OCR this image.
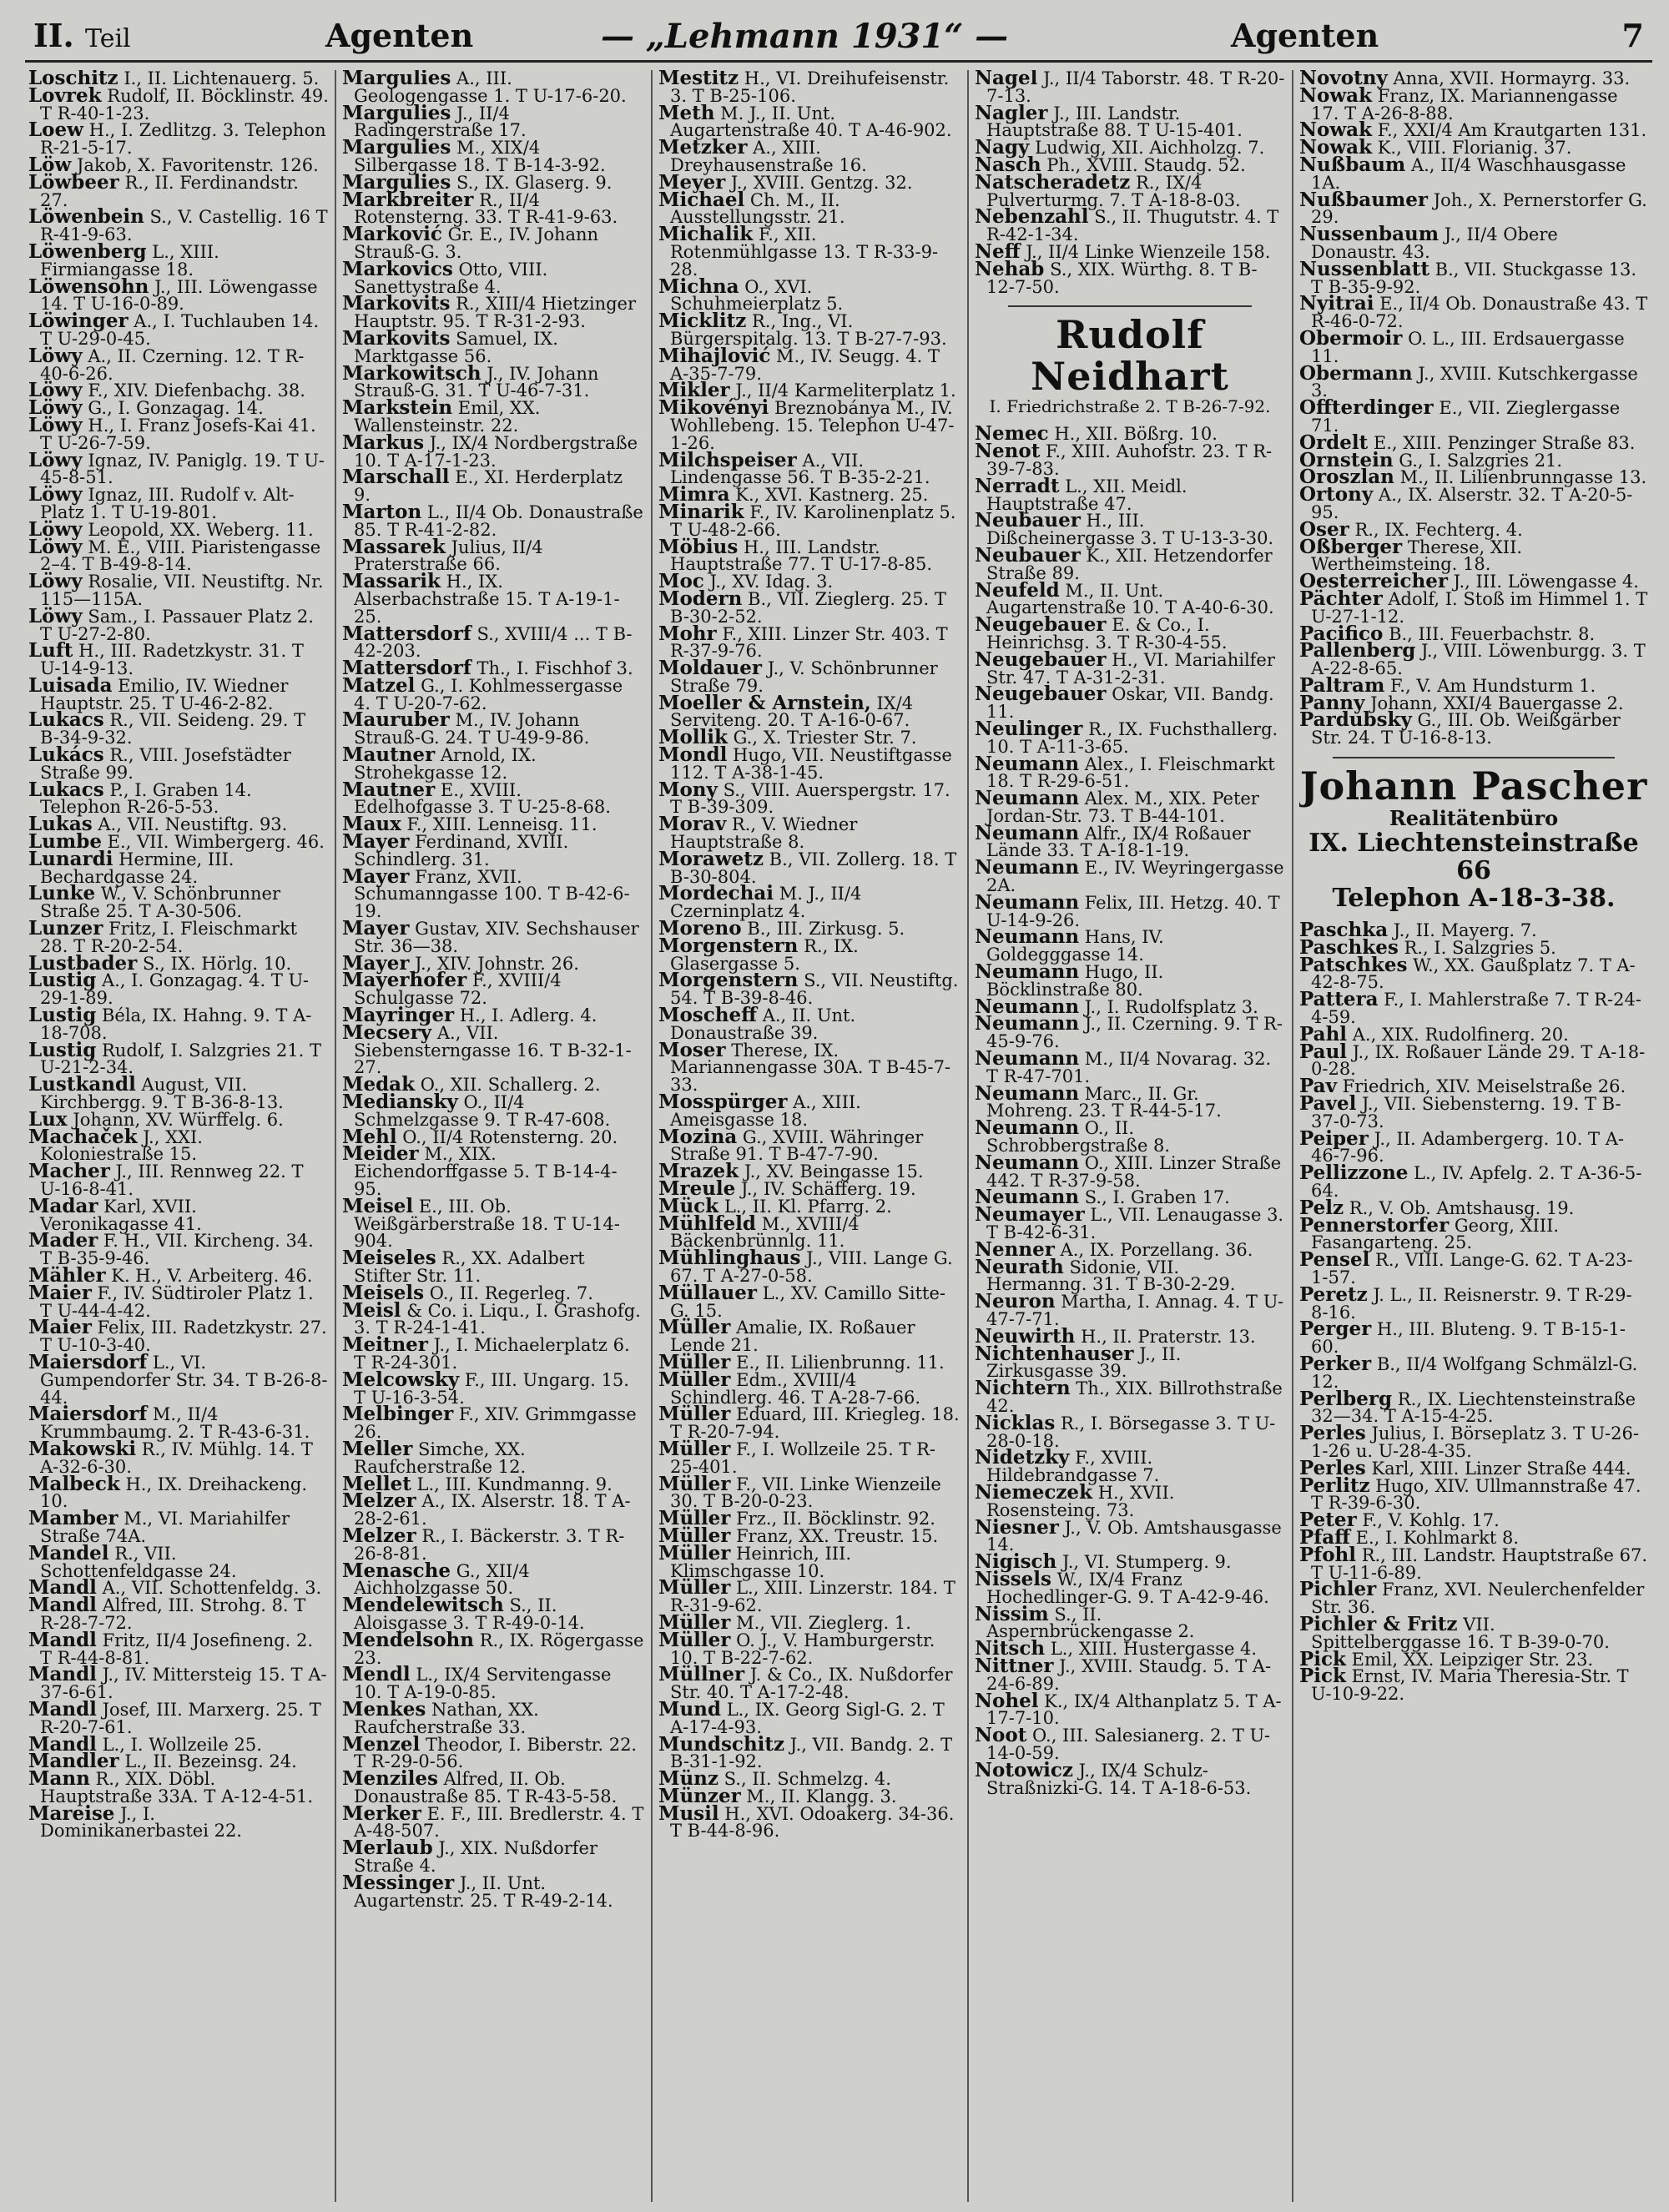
II. Teil	Agenten	— „Lehmann 1931“ —	Agenten	7
Loschitz I., II. Lichtenauerg. 5.
Lovrek Rudolf, II. Böcklinstr. 49. T R-40-1-23.
Loew H., I. Zedlitzg. 3. Telephon R-21-5-17.
Löw Jakob, X. Favoritenstr. 126.
Löwbeer R., II. Ferdinandstr. 27.
Löwenbein S., V. Castellig. 16 T R-41-9-63.
Löwenberg L., XIII. Firmiangasse 18.
Löwensohn J., III. Löwengasse 14. T U-16-0-89.
Löwinger A., I. Tuchlauben 14. T U-29-0-45.
Löwy A., II. Czerning. 12. T R-40-6-26.
Löwy F., XIV. Diefenbachg. 38.
Löwy G., I. Gonzagag. 14.
Löwy H., I. Franz Josefs-Kai 41. T U-26-7-59.
Löwy Ignaz, IV. Paniglg. 19. T U-45-8-51.
Löwy Ignaz, III. Rudolf v. Alt-Platz 1. T U-19-801.
Löwy Leopold, XX. Weberg. 11.
Löwy M. E., VIII. Piaristengasse 2–4. T B-49-8-14.
Löwy Rosalie, VII. Neustiftg. Nr. 115—115A.
Löwy Sam., I. Passauer Platz 2. T U-27-2-80.
Luft H., III. Radetzkystr. 31. T U-14-9-13.
Luisada Emilio, IV. Wiedner Hauptstr. 25. T U-46-2-82.
Lukacs R., VII. Seideng. 29. T B-34-9-32.
Lukács R., VIII. Josefstädter Straße 99.
Lukacs P., I. Graben 14. Telephon R-26-5-53.
Lukas A., VII. Neustiftg. 93.
Lumbe E., VII. Wimbergerg. 46.
Lunardi Hermine, III. Bechardgasse 24.
Lunke W., V. Schönbrunner Straße 25. T A-30-506.
Lunzer Fritz, I. Fleischmarkt 28. T R-20-2-54.
Lustbader S., IX. Hörlg. 10.
Lustig A., I. Gonzagag. 4. T U-29-1-89.
Lustig Béla, IX. Hahng. 9. T A-18-708.
Lustig Rudolf, I. Salzgries 21. T U-21-2-34.
Lustkandl August, VII. Kirchbergg. 9. T B-36-8-13.
Lux Johann, XV. Würffelg. 6.
Machaček J., XXI. Koloniestraße 15.
Macher J., III. Rennweg 22. T U-16-8-41.
Madar Karl, XVII. Veronikagasse 41.
Mader F. H., VII. Kircheng. 34. T B-35-9-46.
Mähler K. H., V. Arbeiterg. 46.
Maier F., IV. Südtiroler Platz 1. T U-44-4-42.
Maier Felix, III. Radetzkystr. 27. T U-10-3-40.
Maiersdorf L., VI. Gumpendorfer Str. 34. T B-26-8-44.
Maiersdorf M., II/4 Krummbaumg. 2. T R-43-6-31.
Makowski R., IV. Mühlg. 14. T A-32-6-30.
Malbeck H., IX. Dreihackeng. 10.
Mamber M., VI. Mariahilfer Straße 74A.
Mandel R., VII. Schottenfeldgasse 24.
Mandl A., VII. Schottenfeldg. 3.
Mandl Alfred, III. Strohg. 8. T R-28-7-72.
Mandl Fritz, II/4 Josefineng. 2. T R-44-8-81.
Mandl J., IV. Mittersteig 15. T A-37-6-61.
Mandl Josef, III. Marxerg. 25. T R-20-7-61.
Mandl L., I. Wollzeile 25.
Mandler L., II. Bezeinsg. 24.
Mann R., XIX. Döbl. Hauptstraße 33A. T A-12-4-51.
Mareise J., I. Dominikanerbastei 22.
Margulies A., III. Geologengasse 1. T U-17-6-20.
Margulies J., II/4 Radingerstraße 17.
Margulies M., XIX/4 Silbergasse 18. T B-14-3-92.
Margulies S., IX. Glaserg. 9.
Markbreiter R., II/4 Rotensterng. 33. T R-41-9-63.
Marković Gr. E., IV. Johann Strauß-G. 3.
Markovics Otto, VIII. Sanettystraße 4.
Markovits R., XIII/4 Hietzinger Hauptstr. 95. T R-31-2-93.
Markovits Samuel, IX. Marktgasse 56.
Markowitsch J., IV. Johann Strauß-G. 31. T U-46-7-31.
Markstein Emil, XX. Wallensteinstr. 22.
Markus J., IX/4 Nordbergstraße 10. T A-17-1-23.
Marschall E., XI. Herderplatz 9.
Marton L., II/4 Ob. Donaustraße 85. T R-41-2-82.
Massarek Julius, II/4 Praterstraße 66.
Massarik H., IX. Alserbachstraße 15. T A-19-1-25.
Mattersdorf S., XVIII/4 ... T B-42-203.
Mattersdorf Th., I. Fischhof 3.
Matzel G., I. Kohlmessergasse 4. T U-20-7-62.
Mauruber M., IV. Johann Strauß-G. 24. T U-49-9-86.
Mautner Arnold, IX. Strohekgasse 12.
Mautner E., XVIII. Edelhofgasse 3. T U-25-8-68.
Maux F., XIII. Lenneisg. 11.
Mayer Ferdinand, XVIII. Schindlerg. 31.
Mayer Franz, XVII. Schumanngasse 100. T B-42-6-19.
Mayer Gustav, XIV. Sechshauser Str. 36—38.
Mayer J., XIV. Johnstr. 26.
Mayerhofer F., XVIII/4 Schulgasse 72.
Mayringer H., I. Adlerg. 4.
Mecsery A., VII. Siebensterngasse 16. T B-32-1-27.
Medak O., XII. Schallerg. 2.
Mediansky O., II/4 Schmelzgasse 9. T R-47-608.
Mehl O., II/4 Rotensterng. 20.
Meider M., XIX. Eichendorffgasse 5. T B-14-4-95.
Meisel E., III. Ob. Weißgärberstraße 18. T U-14-904.
Meiseles R., XX. Adalbert Stifter Str. 11.
Meisels O., II. Regerleg. 7.
Meisl & Co. i. Liqu., I. Grashofg. 3. T R-24-1-41.
Meitner J., I. Michaelerplatz 6. T R-24-301.
Melcowsky F., III. Ungarg. 15. T U-16-3-54.
Melbinger F., XIV. Grimmgasse 26.
Meller Simche, XX. Raufcherstraße 12.
Mellet L., III. Kundmanng. 9.
Melzer A., IX. Alserstr. 18. T A-28-2-61.
Melzer R., I. Bäckerstr. 3. T R-26-8-81.
Menasche G., XII/4 Aichholzgasse 50.
Mendelewitsch S., II. Aloisgasse 3. T R-49-0-14.
Mendelsohn R., IX. Rögergasse 23.
Mendl L., IX/4 Servitengasse 10. T A-19-0-85.
Menkes Nathan, XX. Raufcherstraße 33.
Menzel Theodor, I. Biberstr. 22. T R-29-0-56.
Menziles Alfred, II. Ob. Donaustraße 85. T R-43-5-58.
Merker E. F., III. Bredlerstr. 4. T A-48-507.
Merlaub J., XIX. Nußdorfer Straße 4.
Messinger J., II. Unt. Augartenstr. 25. T R-49-2-14.
Mestitz H., VI. Dreihufeisenstr. 3. T B-25-106.
Meth M. J., II. Unt. Augartenstraße 40. T A-46-902.
Metzker A., XIII. Dreyhausenstraße 16.
Meyer J., XVIII. Gentzg. 32.
Michael Ch. M., II. Ausstellungsstr. 21.
Michalik F., XII. Rotenmühlgasse 13. T R-33-9-28.
Michna O., XVI. Schuhmeierplatz 5.
Micklitz R., Ing., VI. Bürgerspitalg. 13. T B-27-7-93.
Mihajlović M., IV. Seugg. 4. T A-35-7-79.
Mikler J., II/4 Karmeliterplatz 1.
Mikovényi Breznobánya M., IV. Wohllebeng. 15. Telephon U-47-1-26.
Milchspeiser A., VII. Lindengasse 56. T B-35-2-21.
Mimra K., XVI. Kastnerg. 25.
Minarik F., IV. Karolinenplatz 5. T U-48-2-66.
Möbius H., III. Landstr. Hauptstraße 77. T U-17-8-85.
Moc J., XV. Idag. 3.
Modern B., VII. Zieglerg. 25. T B-30-2-52.
Mohr F., XIII. Linzer Str. 403. T R-37-9-76.
Moldauer J., V. Schönbrunner Straße 79.
Moeller & Arnstein, IX/4 Serviteng. 20. T A-16-0-67.
Mollik G., X. Triester Str. 7.
Mondl Hugo, VII. Neustiftgasse 112. T A-38-1-45.
Mony S., VIII. Auerspergstr. 17. T B-39-309.
Morav R., V. Wiedner Hauptstraße 8.
Morawetz B., VII. Zollerg. 18. T B-30-804.
Mordechai M. J., II/4 Czerninplatz 4.
Moreno B., III. Zirkusg. 5.
Morgenstern R., IX. Glasergasse 5.
Morgenstern S., VII. Neustiftg. 54. T B-39-8-46.
Moscheff A., II. Unt. Donaustraße 39.
Moser Therese, IX. Mariannengasse 30A. T B-45-7-33.
Mosspürger A., XIII. Ameisgasse 18.
Mozina G., XVIII. Währinger Straße 91. T B-47-7-90.
Mrazek J., XV. Beingasse 15.
Mreule J., IV. Schäfferg. 19.
Mück L., II. Kl. Pfarrg. 2.
Mühlfeld M., XVIII/4 Bäckenbrünnlg. 11.
Mühlinghaus J., VIII. Lange G. 67. T A-27-0-58.
Müllauer L., XV. Camillo Sitte-G. 15.
Müller Amalie, IX. Roßauer Lende 21.
Müller E., II. Lilienbrunng. 11.
Müller Edm., XVIII/4 Schindlerg. 46. T A-28-7-66.
Müller Eduard, III. Kriegleg. 18. T R-20-7-94.
Müller F., I. Wollzeile 25. T R-25-401.
Müller F., VII. Linke Wienzeile 30. T B-20-0-23.
Müller Frz., II. Böcklinstr. 92.
Müller Franz, XX. Treustr. 15.
Müller Heinrich, III. Klimschgasse 10.
Müller L., XIII. Linzerstr. 184. T R-31-9-62.
Müller M., VII. Zieglerg. 1.
Müller O. J., V. Hamburgerstr. 10. T B-22-7-62.
Müllner J. & Co., IX. Nußdorfer Str. 40. T A-17-2-48.
Mund L., IX. Georg Sigl-G. 2. T A-17-4-93.
Mundschitz J., VII. Bandg. 2. T B-31-1-92.
Münz S., II. Schmelzg. 4.
Münzer M., II. Klangg. 3.
Musil H., XVI. Odoakerg. 34-36. T B-44-8-96.
Nagel J., II/4 Taborstr. 48. T R-20-7-13.
Nagler J., III. Landstr. Hauptstraße 88. T U-15-401.
Nagy Ludwig, XII. Aichholzg. 7.
Nasch Ph., XVIII. Staudg. 52.
Natscheradetz R., IX/4 Pulverturmg. 7. T A-18-8-03.
Nebenzahl S., II. Thugutstr. 4. T R-42-1-34.
Neff J., II/4 Linke Wienzeile 158.
Nehab S., XIX. Würthg. 8. T B-12-7-50.
Rudolf Neidhart
I. Friedrichstraße 2. T B-26-7-92.
Nemec H., XII. Bößrg. 10.
Nenot F., XIII. Auhofstr. 23. T R-39-7-83.
Nerradt L., XII. Meidl. Hauptstraße 47.
Neubauer H., III. Dißcheinergasse 3. T U-13-3-30.
Neubauer K., XII. Hetzendorfer Straße 89.
Neufeld M., II. Unt. Augartenstraße 10. T A-40-6-30.
Neugebauer E. & Co., I. Heinrichsg. 3. T R-30-4-55.
Neugebauer H., VI. Mariahilfer Str. 47. T A-31-2-31.
Neugebauer Oskar, VII. Bandg. 11.
Neulinger R., IX. Fuchsthallerg. 10. T A-11-3-65.
Neumann Alex., I. Fleischmarkt 18. T R-29-6-51.
Neumann Alex. M., XIX. Peter Jordan-Str. 73. T B-44-101.
Neumann Alfr., IX/4 Roßauer Lände 33. T A-18-1-19.
Neumann E., IV. Weyringergasse 2A.
Neumann Felix, III. Hetzg. 40. T U-14-9-26.
Neumann Hans, IV. Goldegggasse 14.
Neumann Hugo, II. Böcklinstraße 80.
Neumann J., I. Rudolfsplatz 3.
Neumann J., II. Czerning. 9. T R-45-9-76.
Neumann M., II/4 Novarag. 32. T R-47-701.
Neumann Marc., II. Gr. Mohreng. 23. T R-44-5-17.
Neumann O., II. Schrobbergstraße 8.
Neumann O., XIII. Linzer Straße 442. T R-37-9-58.
Neumann S., I. Graben 17.
Neumayer L., VII. Lenaugasse 3. T B-42-6-31.
Nenner A., IX. Porzellang. 36.
Neurath Sidonie, VII. Hermanng. 31. T B-30-2-29.
Neuron Martha, I. Annag. 4. T U-47-7-71.
Neuwirth H., II. Praterstr. 13.
Nichtenhauser J., II. Zirkusgasse 39.
Nichtern Th., XIX. Billrothstraße 42.
Nicklas R., I. Börsegasse 3. T U-28-0-18.
Nidetzky F., XVIII. Hildebrandgasse 7.
Niemeczek H., XVII. Rosensteing. 73.
Niesner J., V. Ob. Amtshausgasse 14.
Nigisch J., VI. Stumperg. 9.
Nissels W., IX/4 Franz Hochedlinger-G. 9. T A-42-9-46.
Nissim S., II. Aspernbrückengasse 2.
Nitsch L., XIII. Hustergasse 4.
Nittner J., XVIII. Staudg. 5. T A-24-6-89.
Nohel K., IX/4 Althanplatz 5. T A-17-7-10.
Noot O., III. Salesianerg. 2. T U-14-0-59.
Notowicz J., IX/4 Schulz-Straßnizki-G. 14. T A-18-6-53.
Novotny Anna, XVII. Hormayrg. 33.
Nowak Franz, IX. Mariannengasse 17. T A-26-8-88.
Nowak F., XXI/4 Am Krautgarten 131.
Nowak K., VIII. Florianig. 37.
Nußbaum A., II/4 Waschhausgasse 1A.
Nußbaumer Joh., X. Pernerstorfer G. 29.
Nussenbaum J., II/4 Obere Donaustr. 43.
Nussenblatt B., VII. Stuckgasse 13. T B-35-9-92.
Nyitrai E., II/4 Ob. Donaustraße 43. T R-46-0-72.
Obermoir O. L., III. Erdsauergasse 11.
Obermann J., XVIII. Kutschkergasse 3.
Offterdinger E., VII. Zieglergasse 71.
Ordelt E., XIII. Penzinger Straße 83.
Ornstein G., I. Salzgries 21.
Oroszlan M., II. Lilienbrunngasse 13.
Ortony A., IX. Alserstr. 32. T A-20-5-95.
Oser R., IX. Fechterg. 4.
Oßberger Therese, XII. Wertheimsteing. 18.
Oesterreicher J., III. Löwengasse 4.
Pächter Adolf, I. Stoß im Himmel 1. T U-27-1-12.
Pacifico B., III. Feuerbachstr. 8.
Pallenberg J., VIII. Löwenburgg. 3. T A-22-8-65.
Paltram F., V. Am Hundsturm 1.
Panny Johann, XXI/4 Bauergasse 2.
Pardubsky G., III. Ob. Weißgärber Str. 24. T U-16-8-13.
Johann Pascher
Realitätenbüro
IX. Liechtensteinstraße 66
Telephon A-18-3-38.
Paschka J., II. Mayerg. 7.
Paschkes R., I. Salzgries 5.
Patschkes W., XX. Gaußplatz 7. T A-42-8-75.
Pattera F., I. Mahlerstraße 7. T R-24-4-59.
Pahl A., XIX. Rudolfinerg. 20.
Paul J., IX. Roßauer Lände 29. T A-18-0-28.
Pav Friedrich, XIV. Meiselstraße 26.
Pavel J., VII. Siebensterng. 19. T B-37-0-73.
Peiper J., II. Adambergerg. 10. T A-46-7-96.
Pellizzone L., IV. Apfelg. 2. T A-36-5-64.
Pelz R., V. Ob. Amtshausg. 19.
Pennerstorfer Georg, XIII. Fasangarteng. 25.
Pensel R., VIII. Lange-G. 62. T A-23-1-57.
Peretz J. L., II. Reisnerstr. 9. T R-29-8-16.
Perger H., III. Bluteng. 9. T B-15-1-60.
Perker B., II/4 Wolfgang Schmälzl-G. 12.
Perlberg R., IX. Liechtensteinstraße 32—34. T A-15-4-25.
Perles Julius, I. Börseplatz 3. T U-26-1-26 u. U-28-4-35.
Perles Karl, XIII. Linzer Straße 444.
Perlitz Hugo, XIV. Ullmannstraße 47. T R-39-6-30.
Peter F., V. Kohlg. 17.
Pfaff E., I. Kohlmarkt 8.
Pfohl R., III. Landstr. Hauptstraße 67. T U-11-6-89.
Pichler Franz, XVI. Neulerchenfelder Str. 36.
Pichler & Fritz VII. Spittelberggasse 16. T B-39-0-70.
Pick Emil, XX. Leipziger Str. 23.
Pick Ernst, IV. Maria Theresia-Str. T U-10-9-22.
